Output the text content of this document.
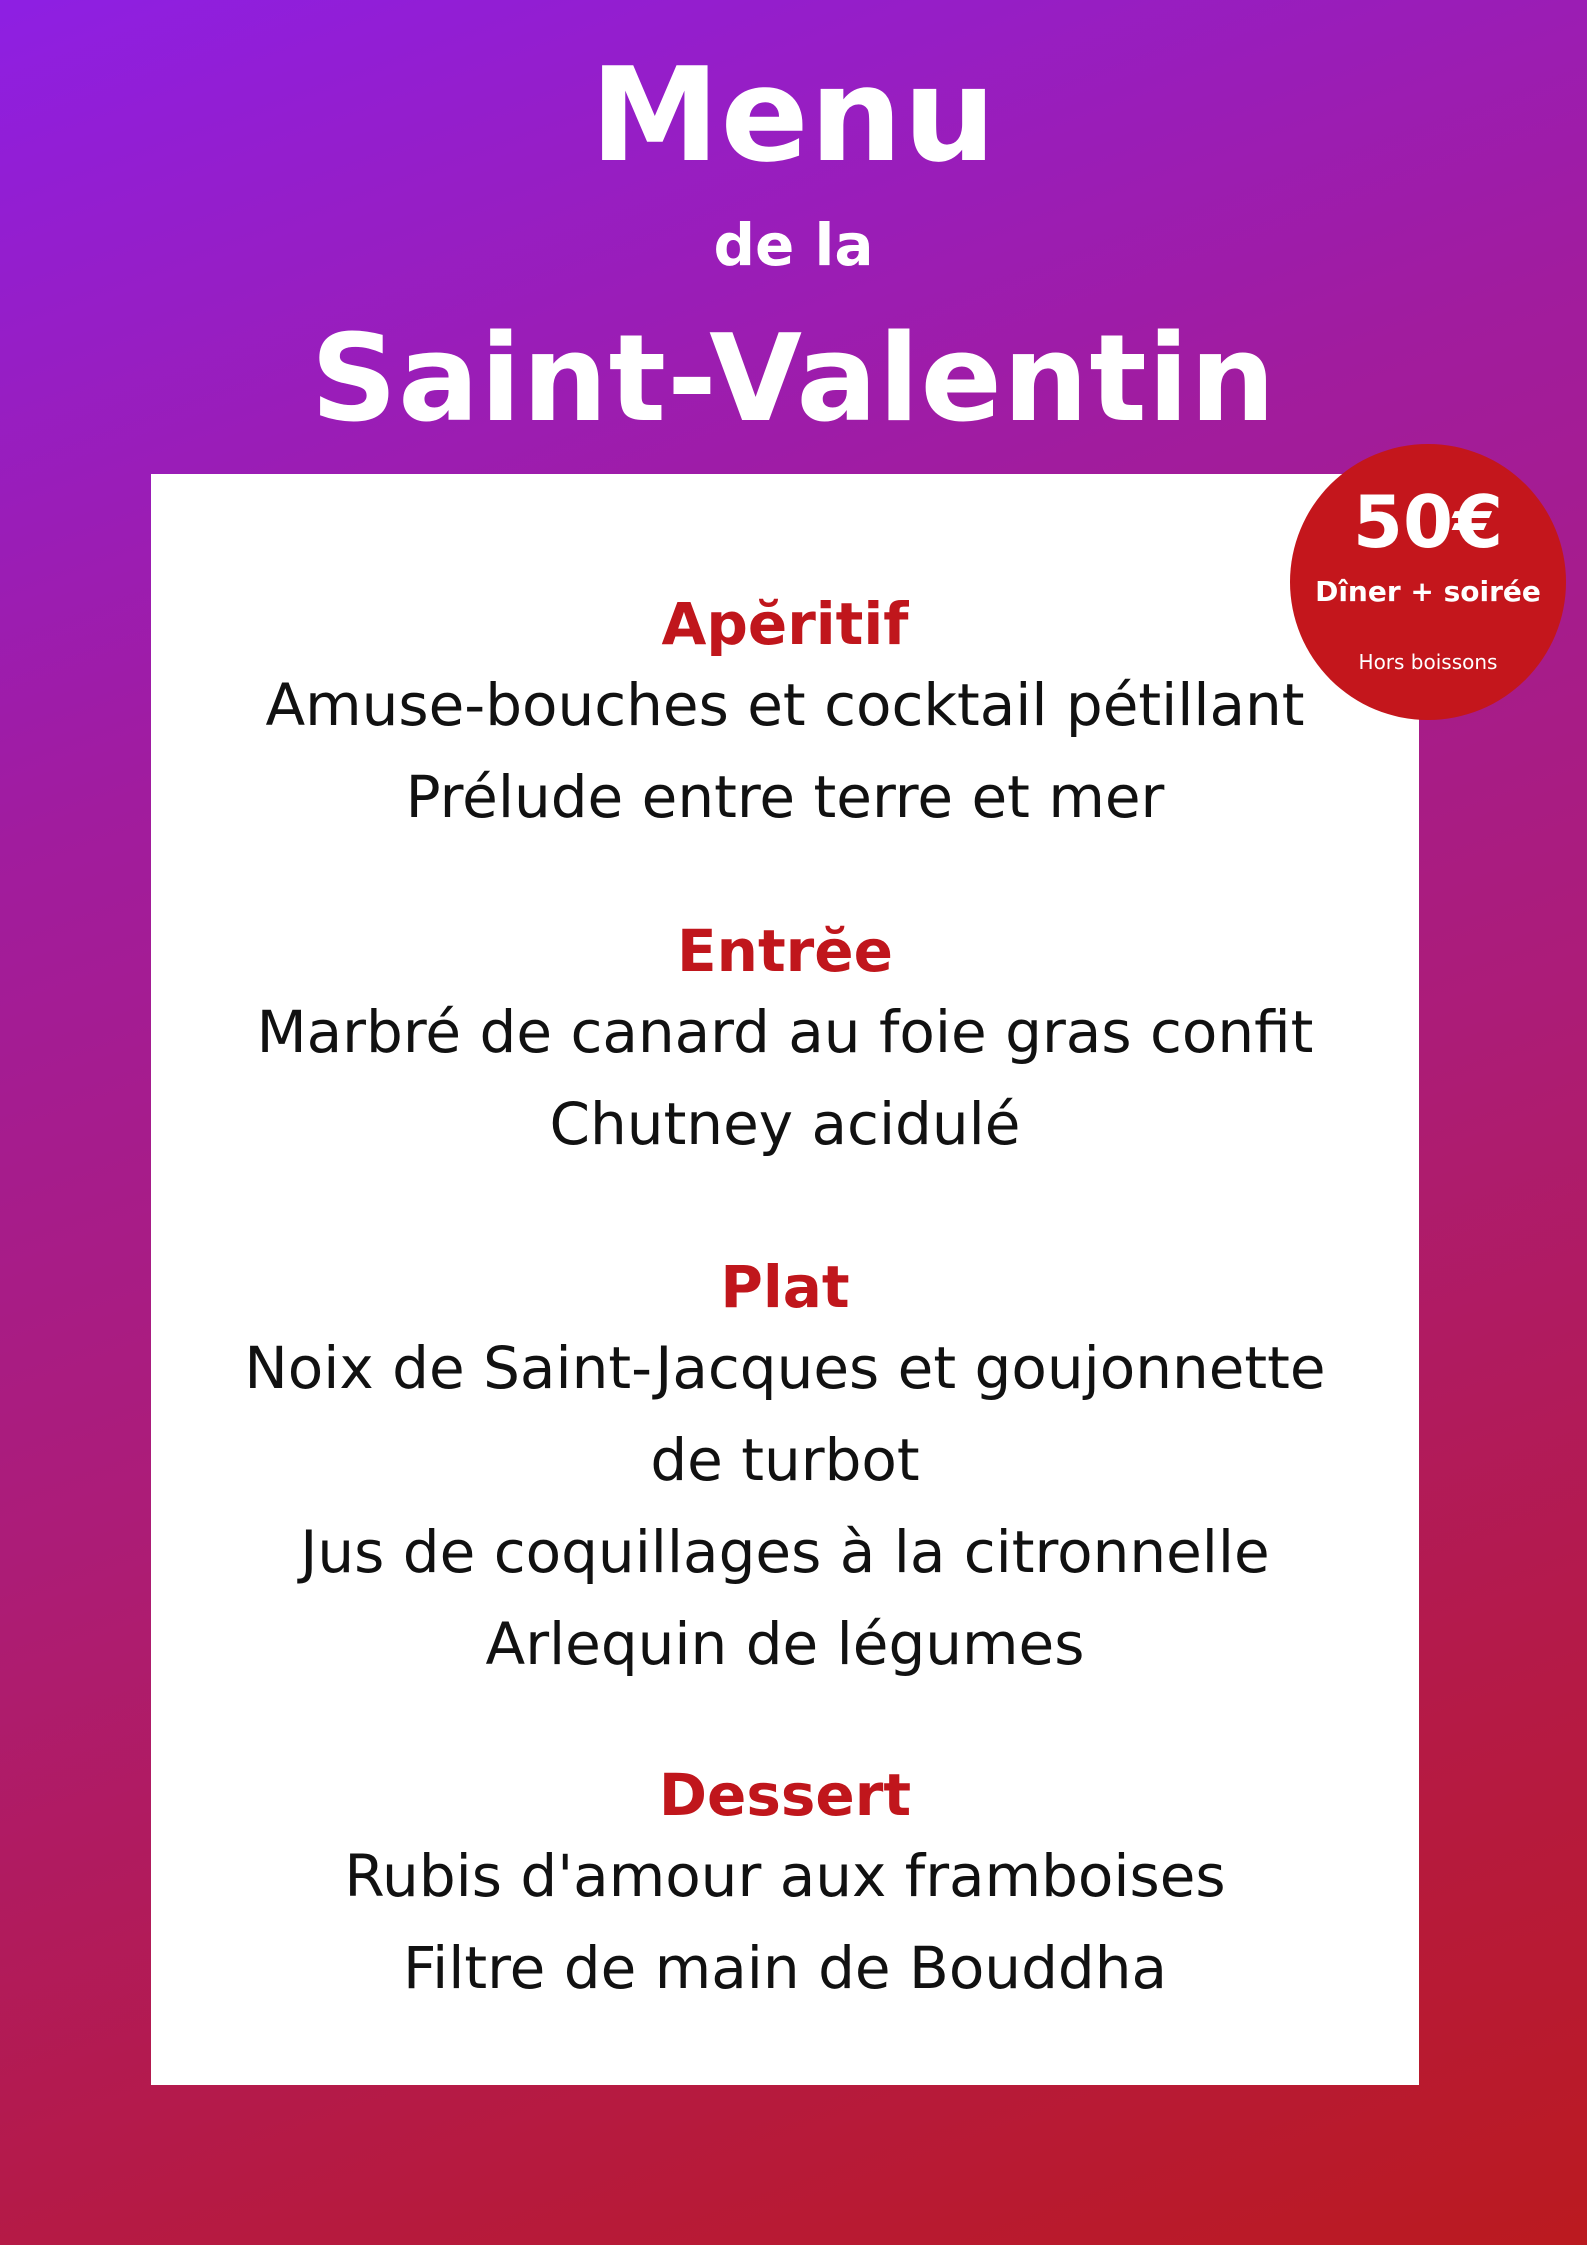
Menu
de la
Saint-Valentin
Apĕritif
Amuse-bouches et cocktail pétillant
Prélude entre terre et mer
Entrĕe
Marbré de canard au foie gras confit
Chutney acidulé
Plat
Noix de Saint-Jacques et goujonnette
de turbot
Jus de coquillages à la citronnelle
Arlequin de légumes
Dessert
Rubis d'amour aux framboises
Filtre de main de Bouddha
50€
Dîner + soirée
Hors boissons
